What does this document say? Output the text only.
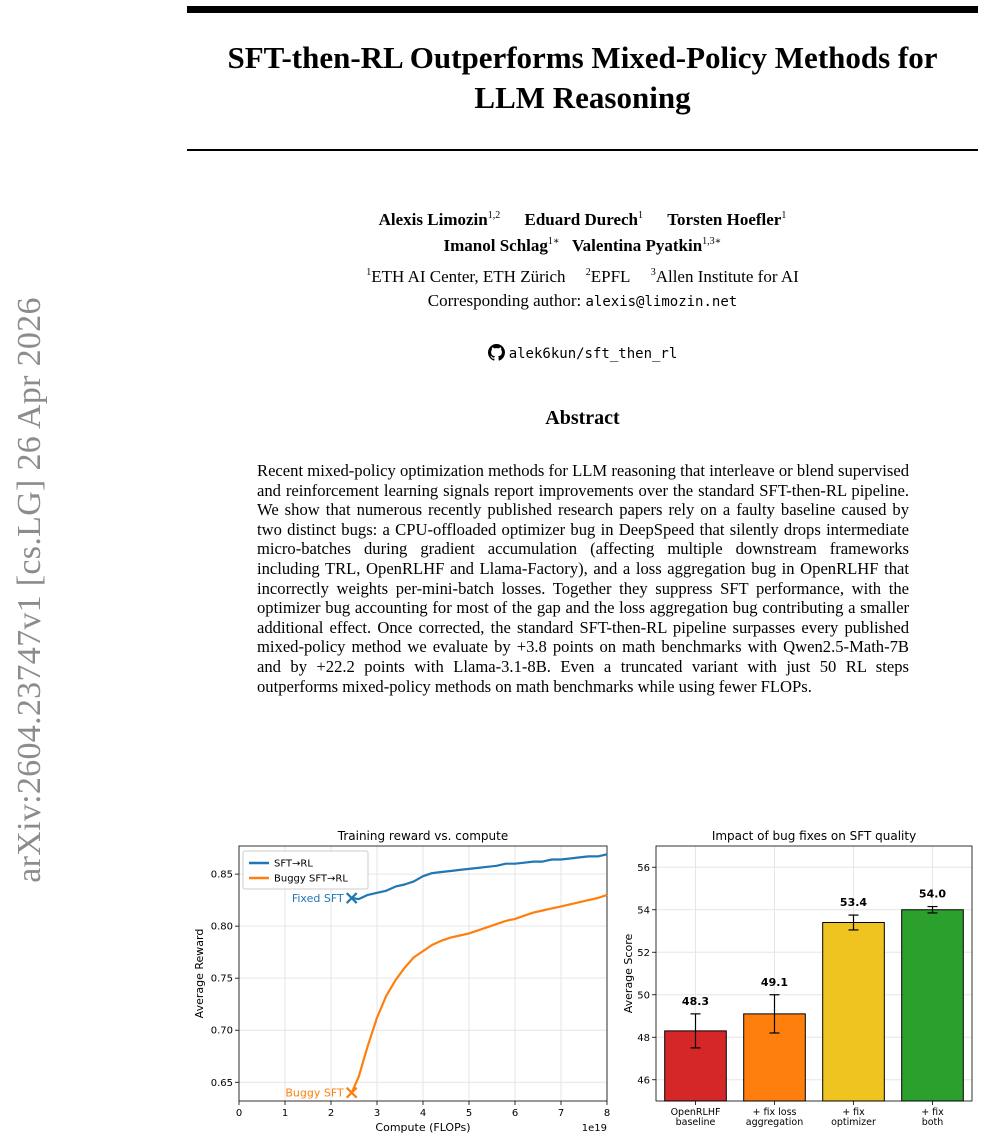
arXiv:2604.23747v1 [cs.LG] 26 Apr 2026
SFT-then-RL Outperforms Mixed-Policy Methods for
LLM Reasoning
Alexis Limozin$^{1,2}$ Eduard Durech$^1$ Torsten Hoefler$^1$
Imanol Schlag$^{1∗}$ Valentina Pyatkin$^{1,3∗}$
$^1$ETH AI Center, ETH Zürich $^2$EPFL $^3$Allen Institute for AI
Corresponding author: alexis@limozin.net
alek6kun/sft_then_rl
Abstract
Recent mixed-policy optimization methods for LLM reasoning that interleave or blend supervised and reinforcement learning signals report improvements over the standard SFT-then-RL pipeline. We show that numerous recently published research papers rely on a faulty baseline caused by two distinct bugs: a CPU-offloaded optimizer bug in DeepSpeed that silently drops intermediate micro-batches during gradient accumulation (affecting multiple downstream frameworks including TRL, OpenRLHF and Llama-Factory), and a loss aggregation bug in OpenRLHF that incorrectly weights per-mini-batch losses. Together they suppress SFT performance, with the optimizer bug accounting for most of the gap and the loss aggregation bug contributing a smaller additional effect. Once corrected, the standard SFT-then-RL pipeline surpasses every published mixed-policy method we evaluate by +3.8 points on math benchmarks with Qwen2.5-Math-7B and by +22.2 points with Llama-3.1-8B. Even a truncated variant with just 50 RL steps outperforms mixed-policy methods on math benchmarks while using fewer FLOPs.
Training reward vs. compute
0	1	2	3	4	5	6	7	8
0.65
0.70
0.75
0.80
0.85
Compute (FLOPs)	1e19
Average Reward
Fixed SFT
Buggy SFT
SFT→RL
Buggy SFT→RL
Impact of bug fixes on SFT quality
46
48
50
52
54
56
Average Score	48.3
OpenRLHF
baseline
49.1
+ fix loss
aggregation
53.4
+ fix
optimizer
54.0
+ fix
both
